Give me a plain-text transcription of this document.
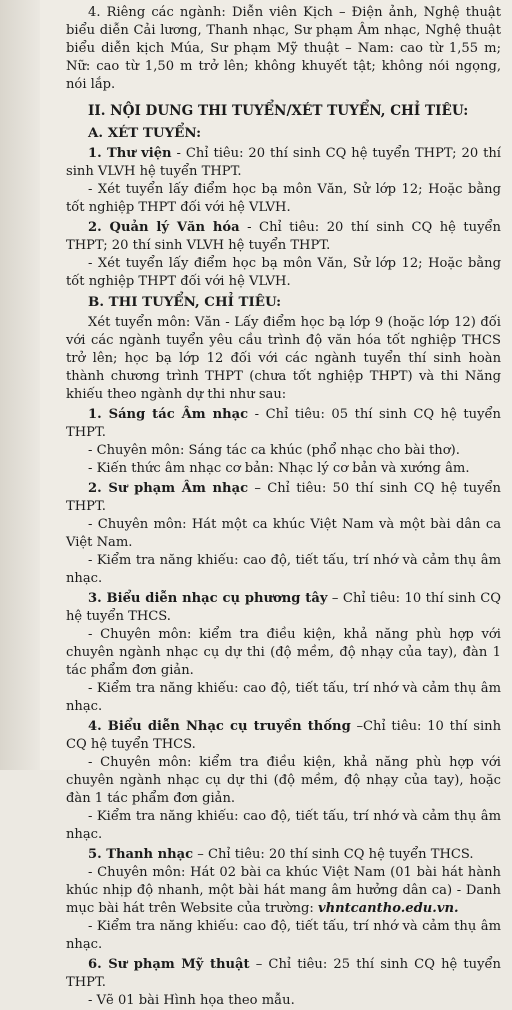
4. Riêng các ngành: Diễn viên Kịch – Điện ảnh, Nghệ thuật biểu diễn Cải lương, Thanh nhạc, Sư phạm Âm nhạc, Nghệ thuật biểu diễn kịch Múa, Sư phạm Mỹ thuật – Nam: cao từ 1,55 m; Nữ: cao từ 1,50 m trở lên; không khuyết tật; không nói ngọng, nói lắp.

II. NỘI DUNG THI TUYỂN/XÉT TUYỂN, CHỈ TIÊU:

A. XÉT TUYỂN:

1. Thư viện - Chỉ tiêu: 20 thí sinh CQ hệ tuyển THPT; 20 thí sinh VLVH hệ tuyển THPT.

- Xét tuyển lấy điểm học bạ môn Văn, Sử lớp 12; Hoặc bằng tốt nghiệp THPT đối với hệ VLVH.

2. Quản lý Văn hóa - Chỉ tiêu: 20 thí sinh CQ hệ tuyển THPT; 20 thí sinh VLVH hệ tuyển THPT.

- Xét tuyển lấy điểm học bạ môn Văn, Sử lớp 12; Hoặc bằng tốt nghiệp THPT đối với hệ VLVH.

B. THI TUYỂN, CHỈ TIÊU:

Xét tuyển môn: Văn - Lấy điểm học bạ lớp 9 (hoặc lớp 12) đối với các ngành tuyển yêu cầu trình độ văn hóa tốt nghiệp THCS trở lên; học bạ lớp 12 đối với các ngành tuyển thí sinh hoàn thành chương trình THPT (chưa tốt nghiệp THPT) và thi Năng khiếu theo ngành dự thi như sau:

1. Sáng tác Âm nhạc - Chỉ tiêu: 05 thí sinh CQ hệ tuyển THPT.

- Chuyên môn: Sáng tác ca khúc (phổ nhạc cho bài thơ).

- Kiến thức âm nhạc cơ bản: Nhạc lý cơ bản và xướng âm.

2. Sư phạm Âm nhạc – Chỉ tiêu: 50 thí sinh CQ hệ tuyển THPT.

- Chuyên môn: Hát một ca khúc Việt Nam và một bài dân ca Việt Nam.

- Kiểm tra năng khiếu: cao độ, tiết tấu, trí nhớ và cảm thụ âm nhạc.

3. Biểu diễn nhạc cụ phương tây – Chỉ tiêu: 10 thí sinh CQ hệ tuyển THCS.

- Chuyên môn: kiểm tra điều kiện, khả năng phù hợp với chuyên ngành nhạc cụ dự thi (độ mềm, độ nhạy của tay), đàn 1 tác phẩm đơn giản.

- Kiểm tra năng khiếu: cao độ, tiết tấu, trí nhớ và cảm thụ âm nhạc.

4. Biểu diễn Nhạc cụ truyền thống –Chỉ tiêu: 10 thí sinh CQ hệ tuyển THCS.

- Chuyên môn: kiểm tra điều kiện, khả năng phù hợp với chuyên ngành nhạc cụ dự thi (độ mềm, độ nhạy của tay), hoặc đàn 1 tác phẩm đơn giản.

- Kiểm tra năng khiếu: cao độ, tiết tấu, trí nhớ và cảm thụ âm nhạc.

5. Thanh nhạc – Chỉ tiêu: 20 thí sinh CQ hệ tuyển THCS.

- Chuyên môn: Hát 02 bài ca khúc Việt Nam (01 bài hát hành khúc nhịp độ nhanh, một bài hát mang âm hưởng dân ca) - Danh mục bài hát trên Website của trường: vhntcantho.edu.vn.

- Kiểm tra năng khiếu: cao độ, tiết tấu, trí nhớ và cảm thụ âm nhạc.

6. Sư phạm Mỹ thuật – Chỉ tiêu: 25 thí sinh CQ hệ tuyển THPT.

- Vẽ 01 bài Hình họa theo mẫu.
